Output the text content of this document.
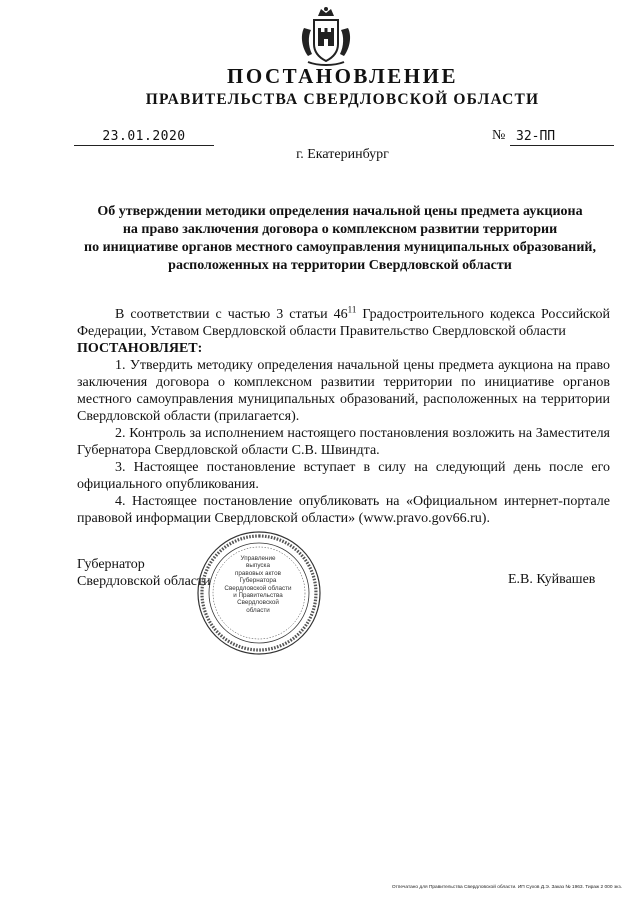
ПОСТАНОВЛЕНИЕ
ПРАВИТЕЛЬСТВА СВЕРДЛОВСКОЙ ОБЛАСТИ
23.01.2020	№ 32-ПП
г. Екатеринбург
Об утверждении методики определения начальной цены предмета аукциона
на право заключения договора о комплексном развитии территории
по инициативе органов местного самоуправления муниципальных образований,
расположенных на территории Свердловской области

В соответствии с частью 3 статьи $46^{11}$ Градостроительного кодекса Российской Федерации, Уставом Свердловской области Правительство Свердловской области

ПОСТАНОВЛЯЕТ:

1. Утвердить методику определения начальной цены предмета аукциона на право заключения договора о комплексном развитии территории по инициативе органов местного самоуправления муниципальных образований, расположенных на территории Свердловской области (прилагается).

2. Контроль за исполнением настоящего постановления возложить на Заместителя Губернатора Свердловской области С.В. Швиндта.

3. Настоящее постановление вступает в силу на следующий день после его официального опубликования.

4. Настоящее постановление опубликовать на «Официальном интернет-портале правовой информации Свердловской области» (www.pravo.gov66.ru).

Губернатор
Свердловской области	Е.В. Куйвашев
Управление
выпуска
правовых актов
Губернатора
Свердловской области
и Правительства
Свердловской
области
Отпечатано для Правительства Свердловской области. ИП Сухов Д.Э. Заказ № 1963. Тираж 2 000 экз.
